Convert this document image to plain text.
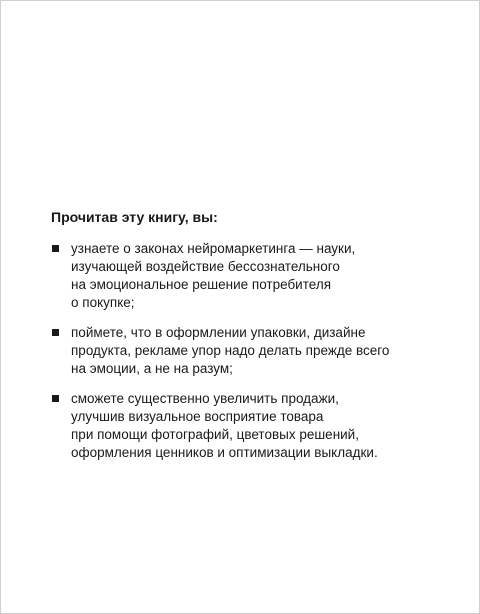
Прочитав эту книгу, вы:
узнаете о законах нейромаркетинга — науки,
изучающей воздействие бессознательного
на эмоциональное решение потребителя
о покупке;
поймете, что в оформлении упаковки, дизайне
продукта, рекламе упор надо делать прежде всего
на эмоции, а не на разум;
сможете существенно увеличить продажи,
улучшив визуальное восприятие товара
при помощи фотографий, цветовых решений,
оформления ценников и оптимизации выкладки.
